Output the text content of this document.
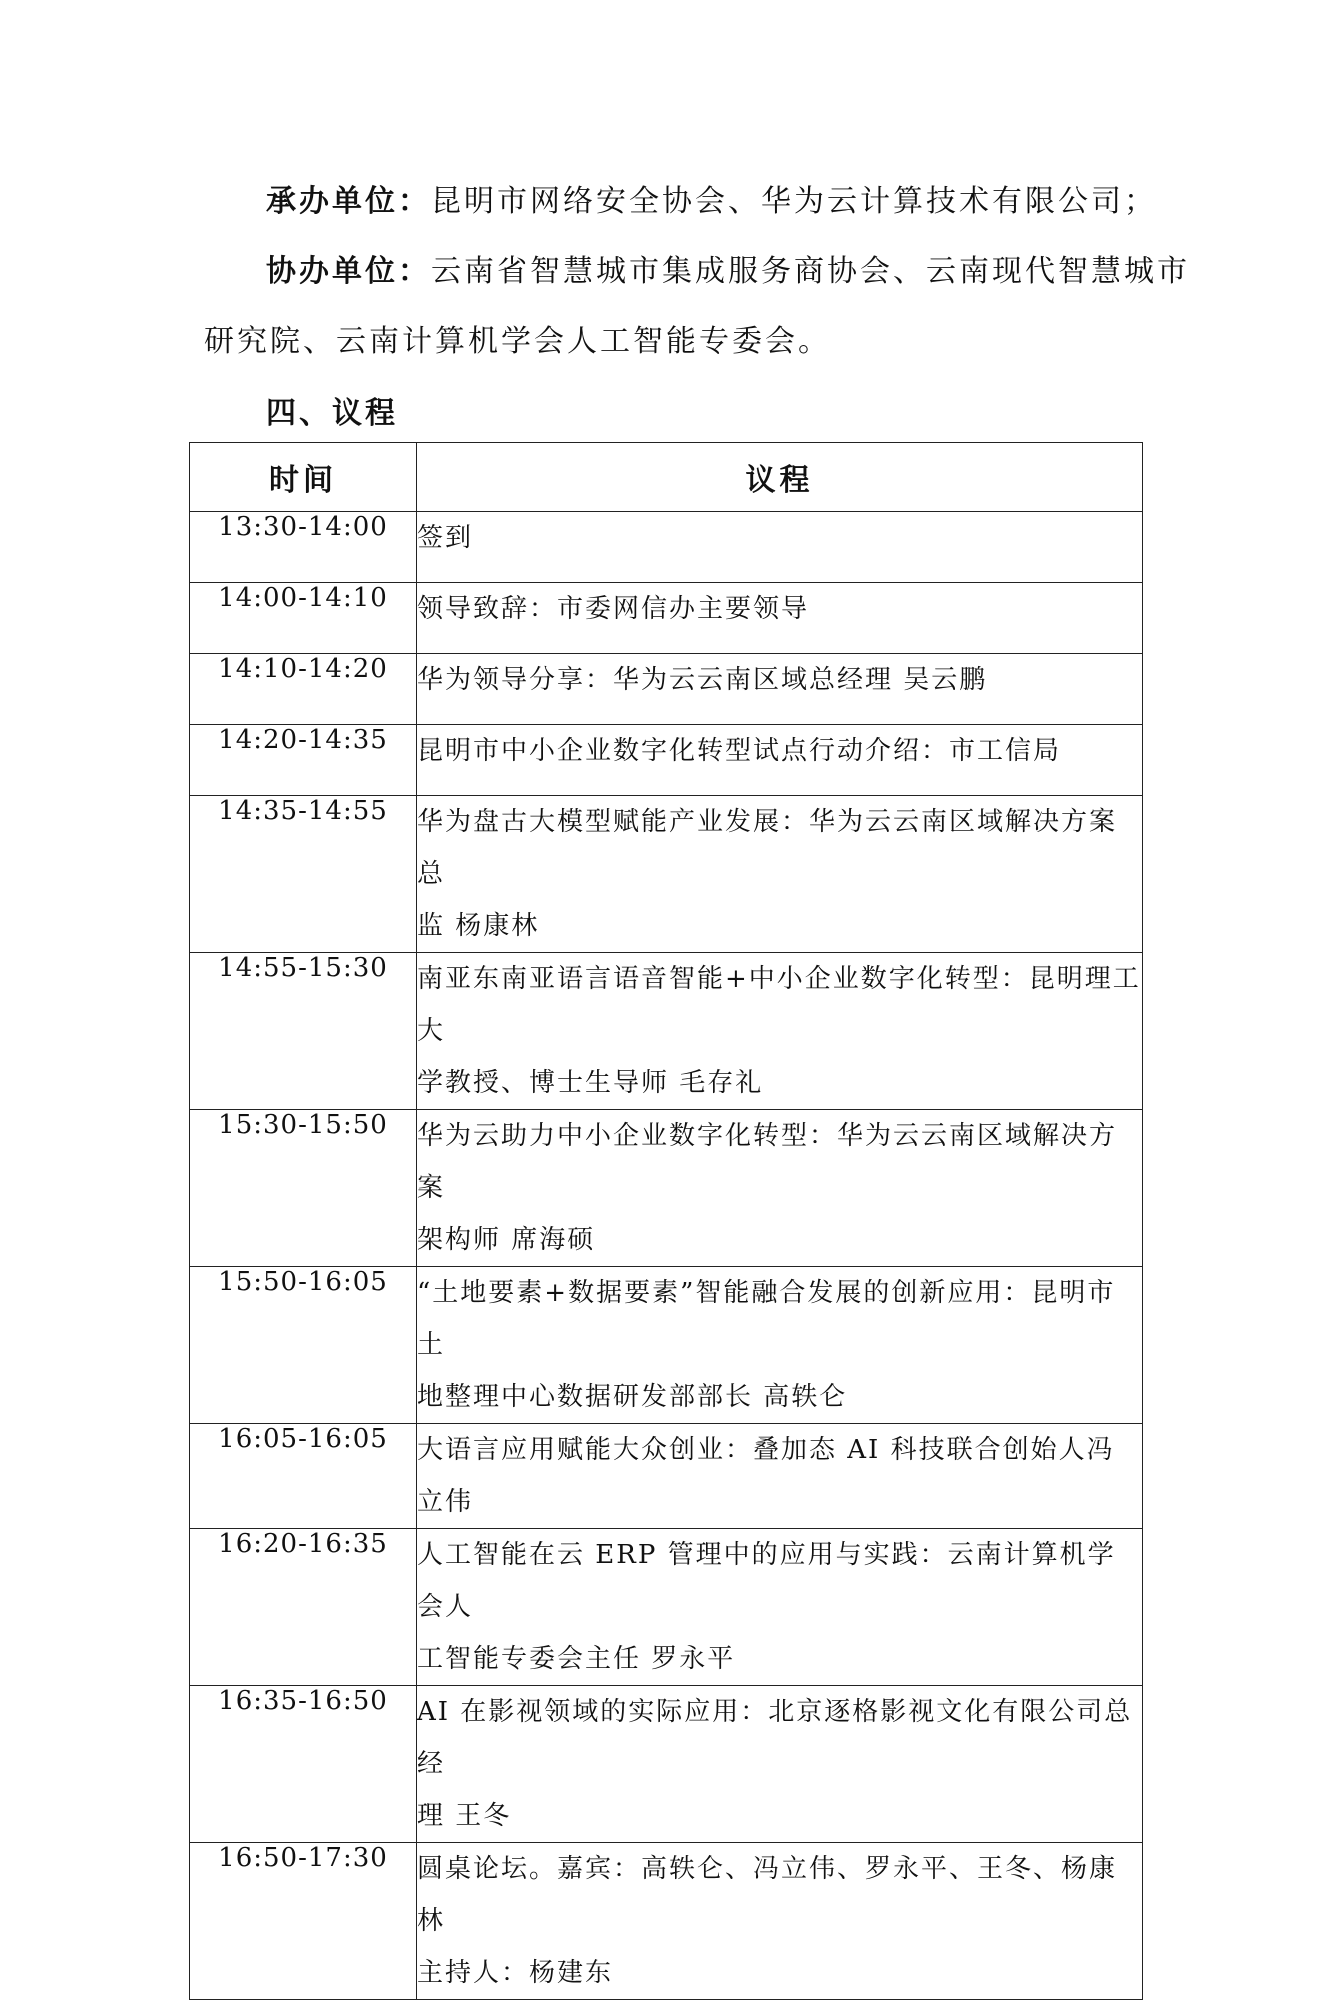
承办单位：昆明市网络安全协会、华为云计算技术有限公司；
协办单位：云南省智慧城市集成服务商协会、云南现代智慧城市
研究院、云南计算机学会人工智能专委会。
四、议程
时间	议程
13:30-14:00	签到

14:00-14:10	领导致辞：市委网信办主要领导

14:10-14:20	华为领导分享：华为云云南区域总经理 吴云鹏

14:20-14:35	昆明市中小企业数字化转型试点行动介绍：市工信局

14:35-14:55	华为盘古大模型赋能产业发展：华为云云南区域解决方案总
监 杨康林

14:55-15:30	南亚东南亚语言语音智能+中小企业数字化转型：昆明理工大
学教授、博士生导师 毛存礼

15:30-15:50	华为云助力中小企业数字化转型：华为云云南区域解决方案
架构师 席海硕

15:50-16:05	“土地要素+数据要素”智能融合发展的创新应用：昆明市土
地整理中心数据研发部部长 高轶仑

16:05-16:05	大语言应用赋能大众创业：叠加态 AI 科技联合创始人冯立伟

16:20-16:35	人工智能在云 ERP 管理中的应用与实践：云南计算机学会人
工智能专委会主任 罗永平

16:35-16:50	AI 在影视领域的实际应用：北京逐格影视文化有限公司总经
理 王冬

16:50-17:30	圆桌论坛。嘉宾：高轶仑、冯立伟、罗永平、王冬、杨康林
主持人：杨建东
